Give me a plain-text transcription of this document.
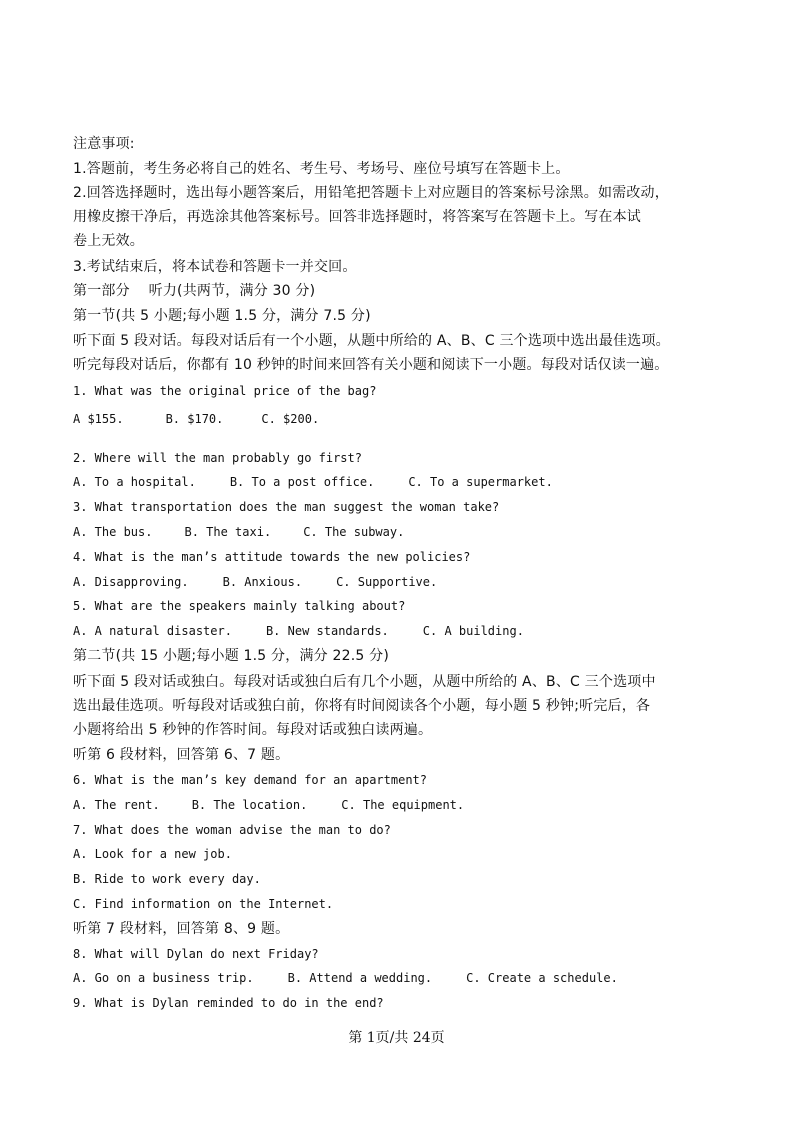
注意事项:
1.答题前，考生务必将自己的姓名、考生号、考场号、座位号填写在答题卡上。
2.回答选择题时，选出每小题答案后，用铅笔把答题卡上对应题目的答案标号涂黑。如需改动，
用橡皮擦干净后，再选涂其他答案标号。回答非选择题时，将答案写在答题卡上。写在本试
卷上无效。
3.考试结束后，将本试卷和答题卡一并交回。
第一部分　 听力(共两节，满分 30 分)
第一节(共 5 小题;每小题 1.5 分，满分 7.5 分)
听下面 5 段对话。每段对话后有一个小题，从题中所给的 A、B、C 三个选项中选出最佳选项。
听完每段对话后，你都有 10 秒钟的时间来回答有关小题和阅读下一小题。每段对话仅读一遍。
1. What was the original price of the bag?
A $155.	B. $170.	C. $200.
2. Where will the man probably go first?
A. To a hospital.	B. To a post office.	C. To a supermarket.
3. What transportation does the man suggest the woman take?
A. The bus.	B. The taxi.	C. The subway.
4. What is the man’s attitude towards the new policies?
A. Disapproving.	B. Anxious.	C. Supportive.
5. What are the speakers mainly talking about?
A. A natural disaster.	B. New standards.	C. A building.
第二节(共 15 小题;每小题 1.5 分，满分 22.5 分)
听下面 5 段对话或独白。每段对话或独白后有几个小题，从题中所给的 A、B、C 三个选项中
选出最佳选项。听每段对话或独白前，你将有时间阅读各个小题，每小题 5 秒钟;听完后，各
小题将给出 5 秒钟的作答时间。每段对话或独白读两遍。
听第 6 段材料，回答第 6、7 题。
6. What is the man’s key demand for an apartment?
A. The rent.	B. The location.	C. The equipment.
7. What does the woman advise the man to do?
A. Look for a new job.
B. Ride to work every day.
C. Find information on the Internet.
听第 7 段材料，回答第 8、9 题。
8. What will Dylan do next Friday?
A. Go on a business trip.	B. Attend a wedding.	C. Create a schedule.
9. What is Dylan reminded to do in the end?
第 1页/共 24页
